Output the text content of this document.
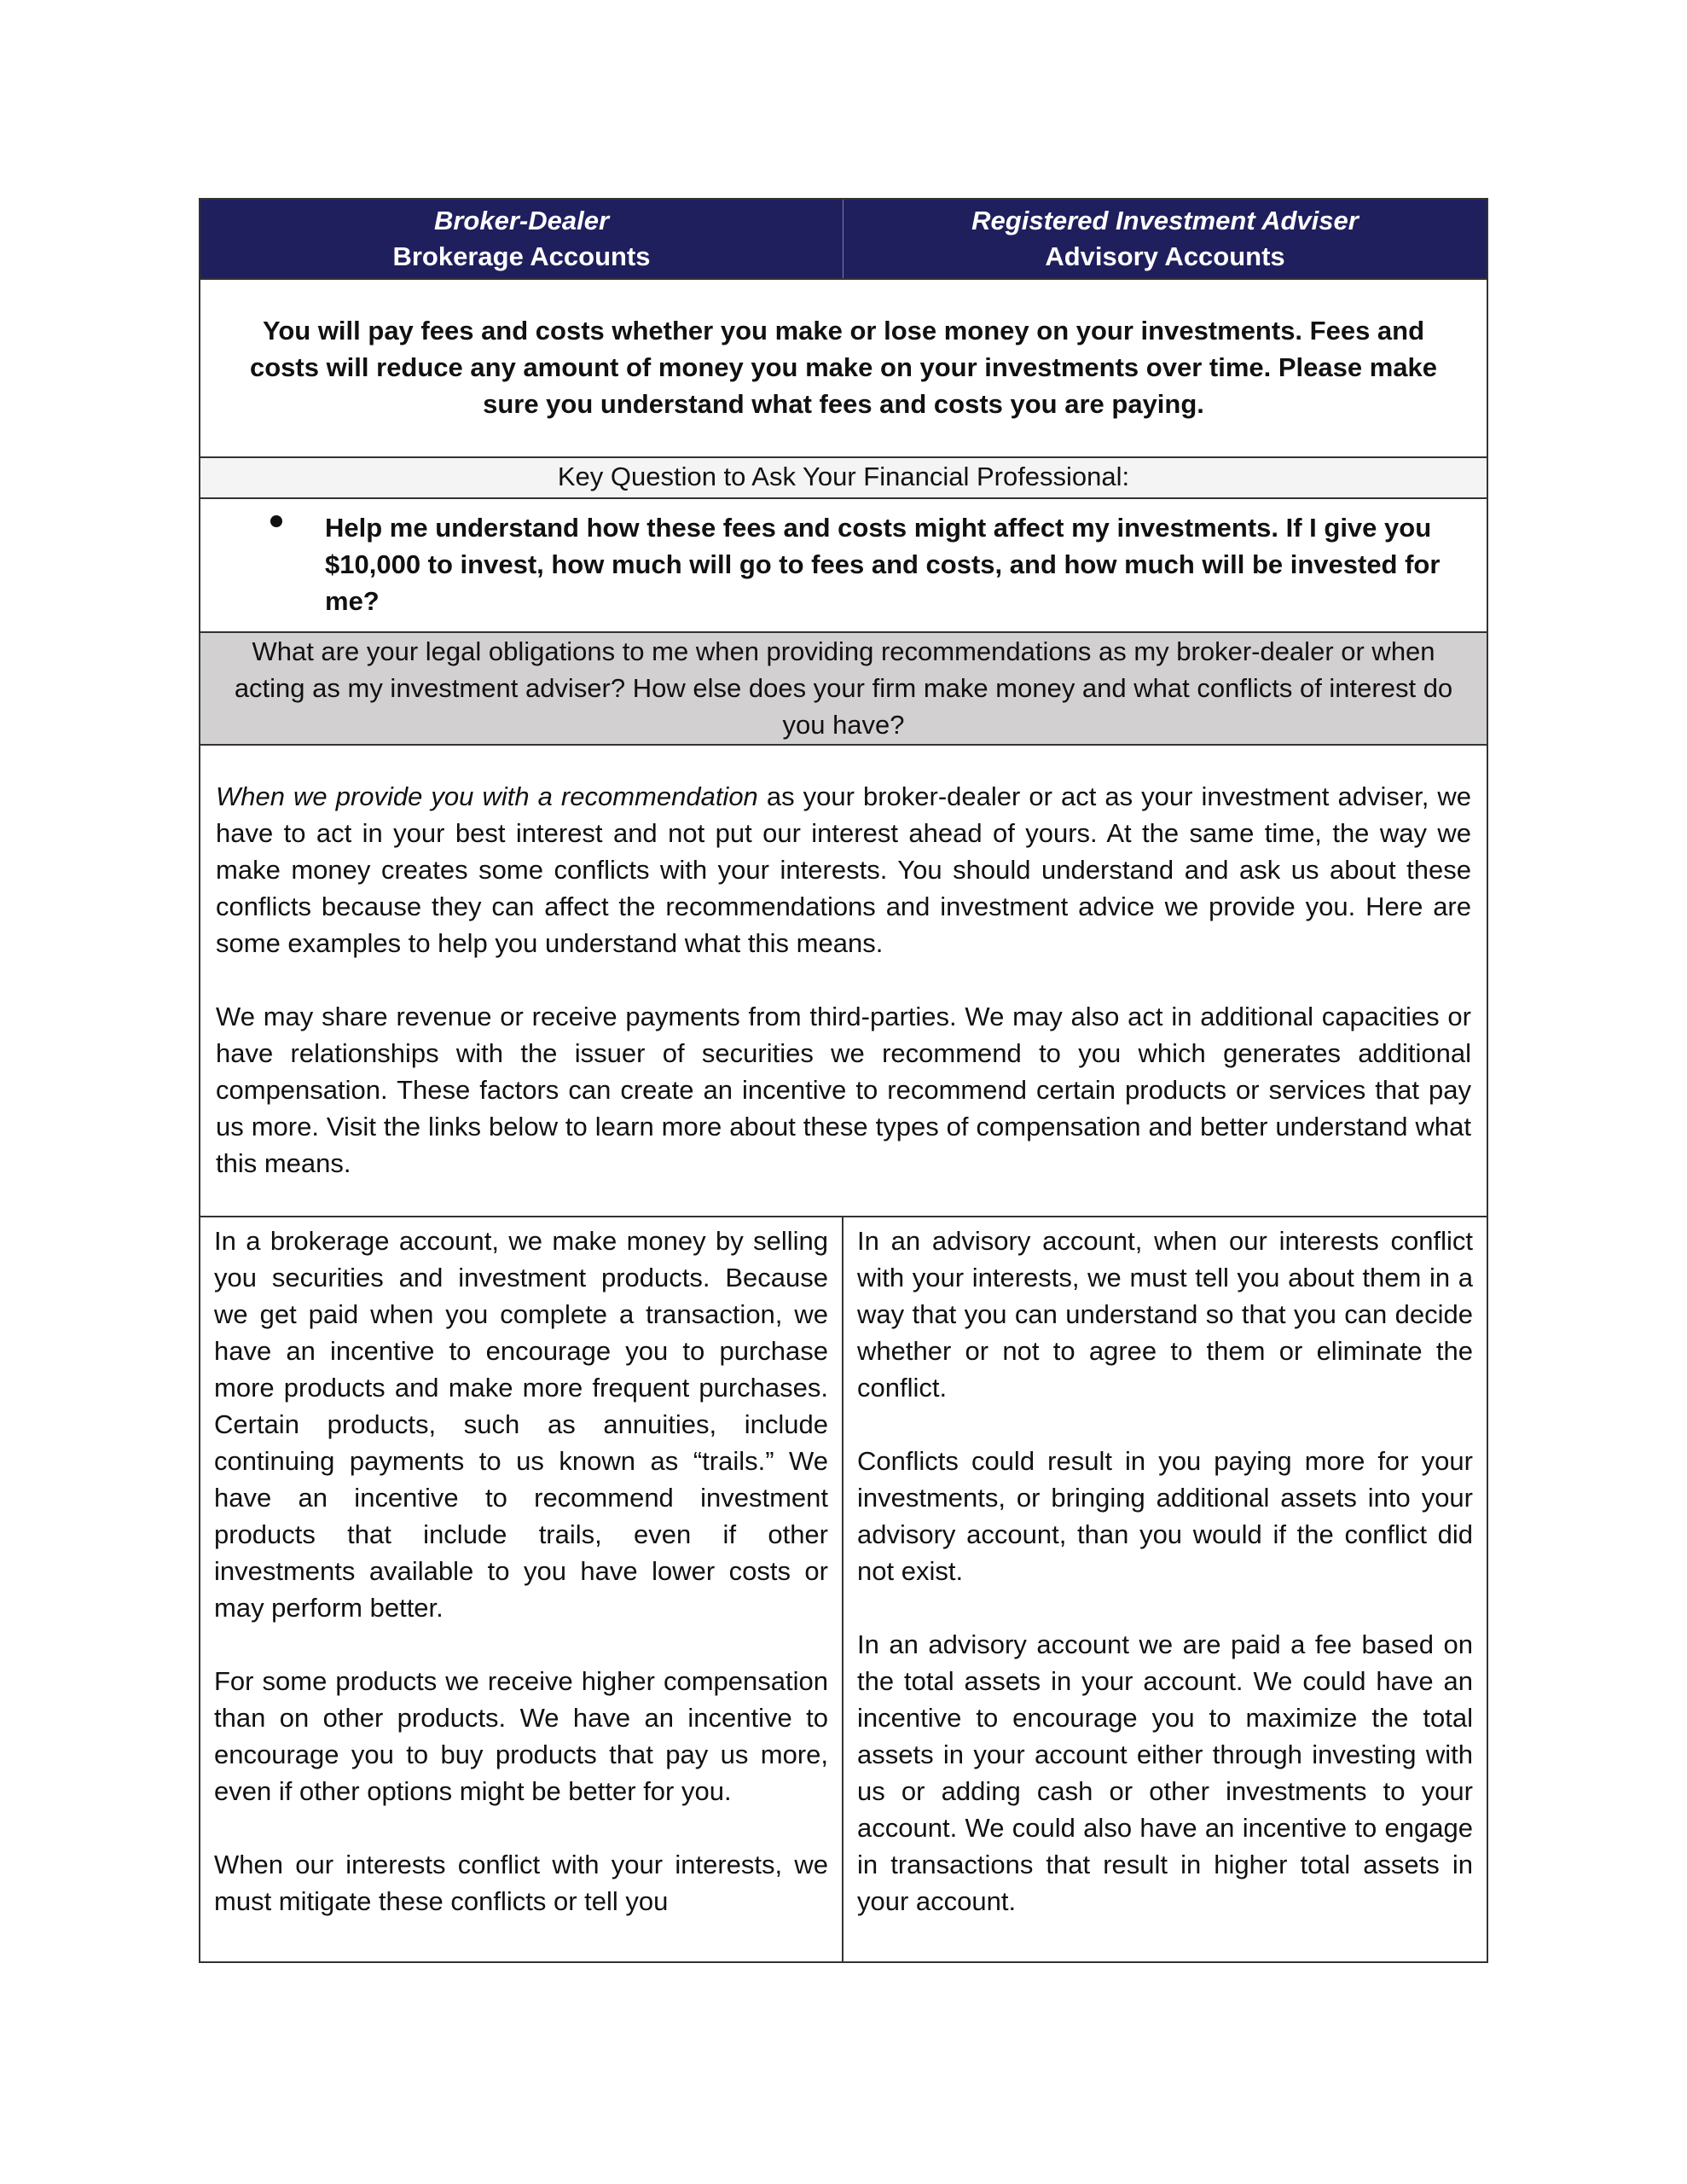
Broker-Dealer
Brokerage Accounts
Registered Investment Adviser
Advisory Accounts
You will pay fees and costs whether you make or lose money on your investments. Fees and costs will reduce any amount of money you make on your investments over time. Please make sure you understand what fees and costs you are paying.
Key Question to Ask Your Financial Professional:
Help me understand how these fees and costs might affect my investments. If I give you $10,000 to invest, how much will go to fees and costs, and how much will be invested for me?
What are your legal obligations to me when providing recommendations as my broker-dealer or when acting as my investment adviser? How else does your firm make money and what conflicts of interest do you have?

When we provide you with a recommendation as your broker-dealer or act as your investment adviser, we have to act in your best interest and not put our interest ahead of yours. At the same time, the way we make money creates some conflicts with your interests. You should understand and ask us about these conflicts because they can affect the recommendations and investment advice we provide you. Here are some examples to help you understand what this means.

We may share revenue or receive payments from third-parties. We may also act in additional capacities or have relationships with the issuer of securities we recommend to you which generates additional compensation. These factors can create an incentive to recommend certain products or services that pay us more. Visit the links below to learn more about these types of compensation and better understand what this means.

In a brokerage account, we make money by selling you securities and investment products. Because we get paid when you complete a transaction, we have an incentive to encourage you to purchase more products and make more frequent purchases. Certain products, such as annuities, include continuing payments to us known as “trails.” We have an incentive to recommend investment products that include trails, even if other investments available to you have lower costs or may perform better.

For some products we receive higher compensation than on other products. We have an incentive to encourage you to buy products that pay us more, even if other options might be better for you.

When our interests conflict with your interests, we must mitigate these conflicts or tell you

In an advisory account, when our interests conflict with your interests, we must tell you about them in a way that you can understand so that you can decide whether or not to agree to them or eliminate the conflict.

Conflicts could result in you paying more for your investments, or bringing additional assets into your advisory account, than you would if the conflict did not exist.

In an advisory account we are paid a fee based on the total assets in your account. We could have an incentive to encourage you to maximize the total assets in your account either through investing with us or adding cash or other investments to your account. We could also have an incentive to engage in transactions that result in higher total assets in your account.
